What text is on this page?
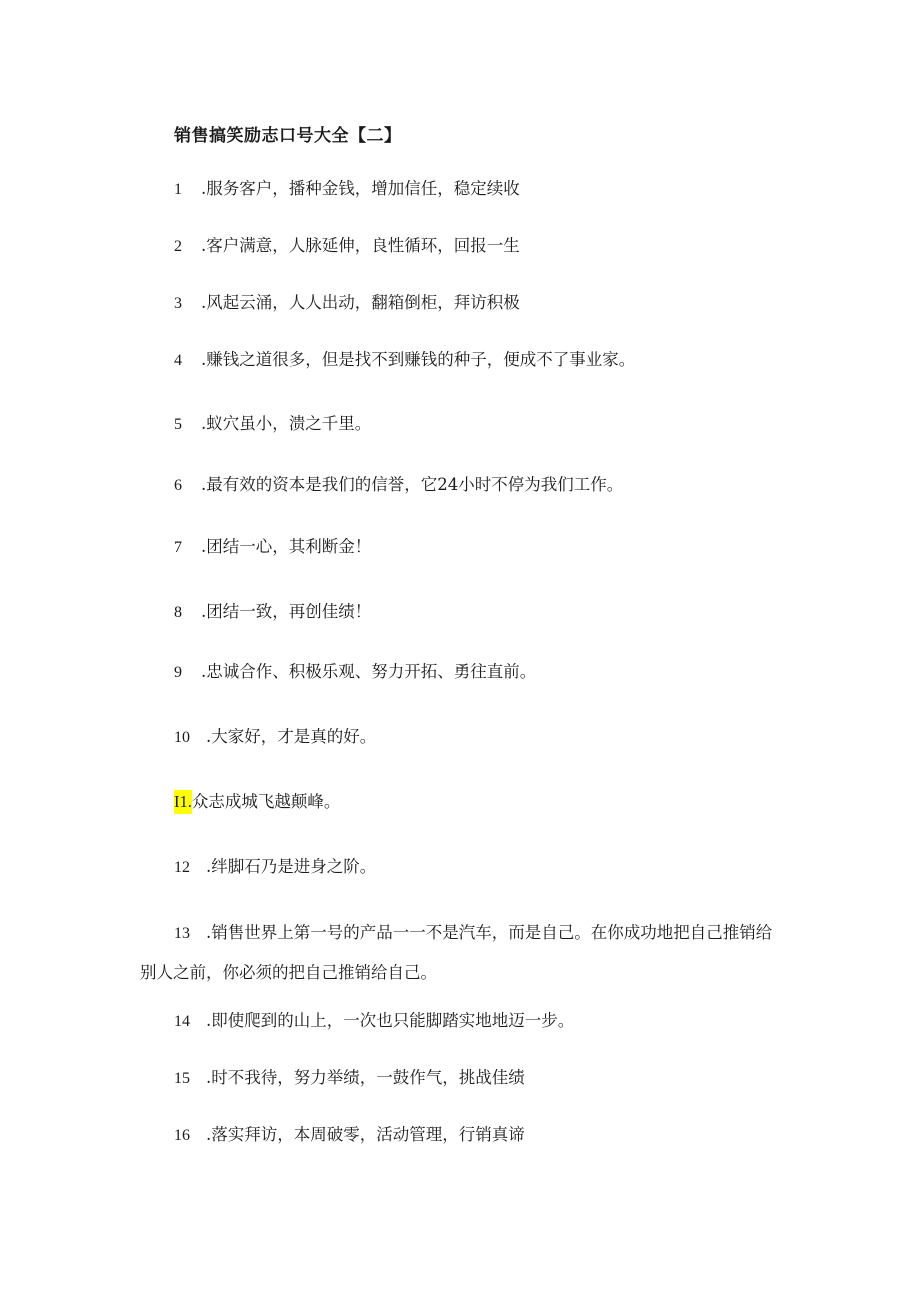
销售搞笑励志口号大全【二】
1 .服务客户，播种金钱，增加信任，稳定续收
2 .客户满意，人脉延伸，良性循环，回报一生
3 .风起云涌，人人出动，翻箱倒柜，拜访积极
4 .赚钱之道很多，但是找不到赚钱的种子，便成不了事业家。
5 .蚁穴虽小，溃之千里。
6 .最有效的资本是我们的信誉，它24小时不停为我们工作。
7 .团结一心，其利断金！
8 .团结一致，再创佳绩！
9 .忠诚合作、积极乐观、努力开拓、勇往直前。
10 .大家好，才是真的好。
I1.众志成城飞越颠峰。
12 .绊脚石乃是进身之阶。
13 .销售世界上第一号的产品一一不是汽车，而是自己。在你成功地把自己推销给别人之前，你必须的把自己推销给自己。
14 .即使爬到的山上，一次也只能脚踏实地地迈一步。
15 .时不我待，努力举绩，一鼓作气，挑战佳绩
16 .落实拜访，本周破零，活动管理，行销真谛
